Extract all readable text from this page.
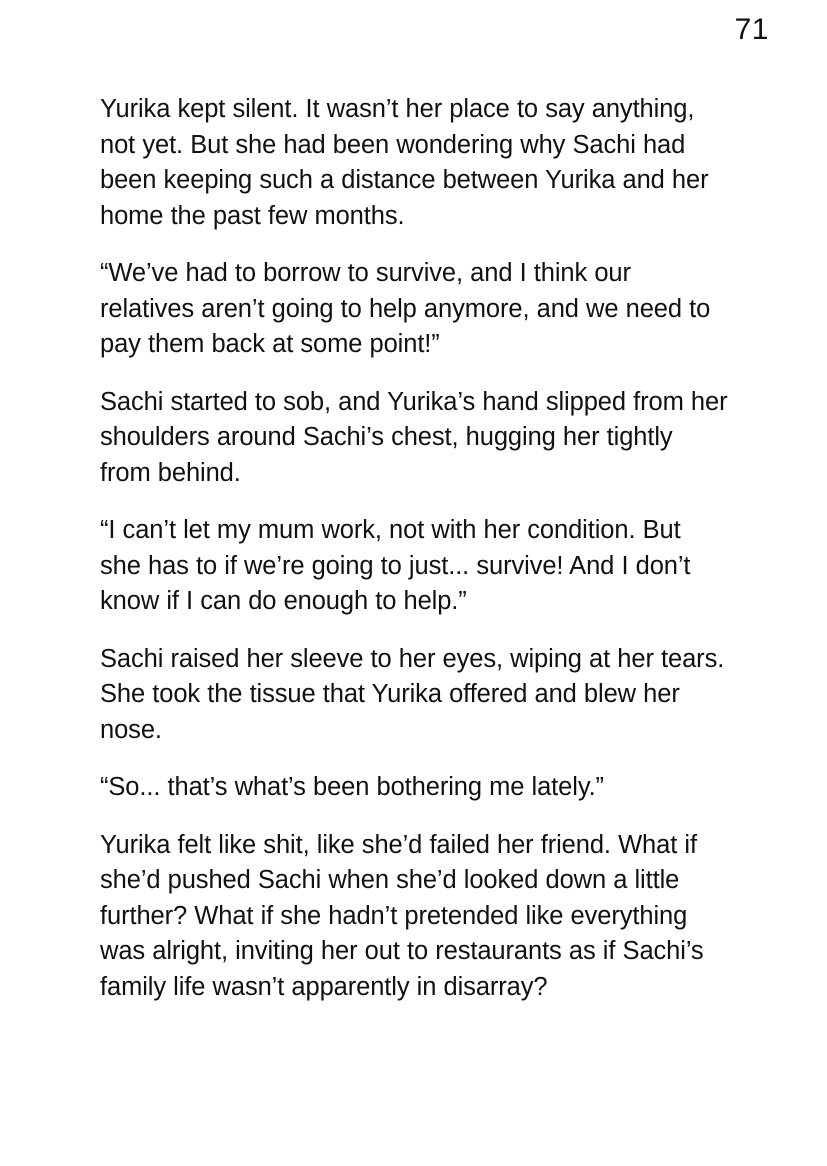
71

Yurika kept silent. It wasn’t her place to say anything, not yet. But she had been wondering why Sachi had been keeping such a distance between Yurika and her home the past few months.

“We’ve had to borrow to survive, and I think our relatives aren’t going to help anymore, and we need to pay them back at some point!”

Sachi started to sob, and Yurika’s hand slipped from her shoulders around Sachi’s chest, hugging her tightly from behind.

“I can’t let my mum work, not with her condition. But she has to if we’re going to just... survive! And I don’t know if I can do enough to help.”

Sachi raised her sleeve to her eyes, wiping at her tears. She took the tissue that Yurika offered and blew her nose.

“So... that’s what’s been bothering me lately.”

Yurika felt like shit, like she’d failed her friend. What if she’d pushed Sachi when she’d looked down a little further? What if she hadn’t pretended like everything was alright, inviting her out to restaurants as if Sachi’s family life wasn’t apparently in disarray?
